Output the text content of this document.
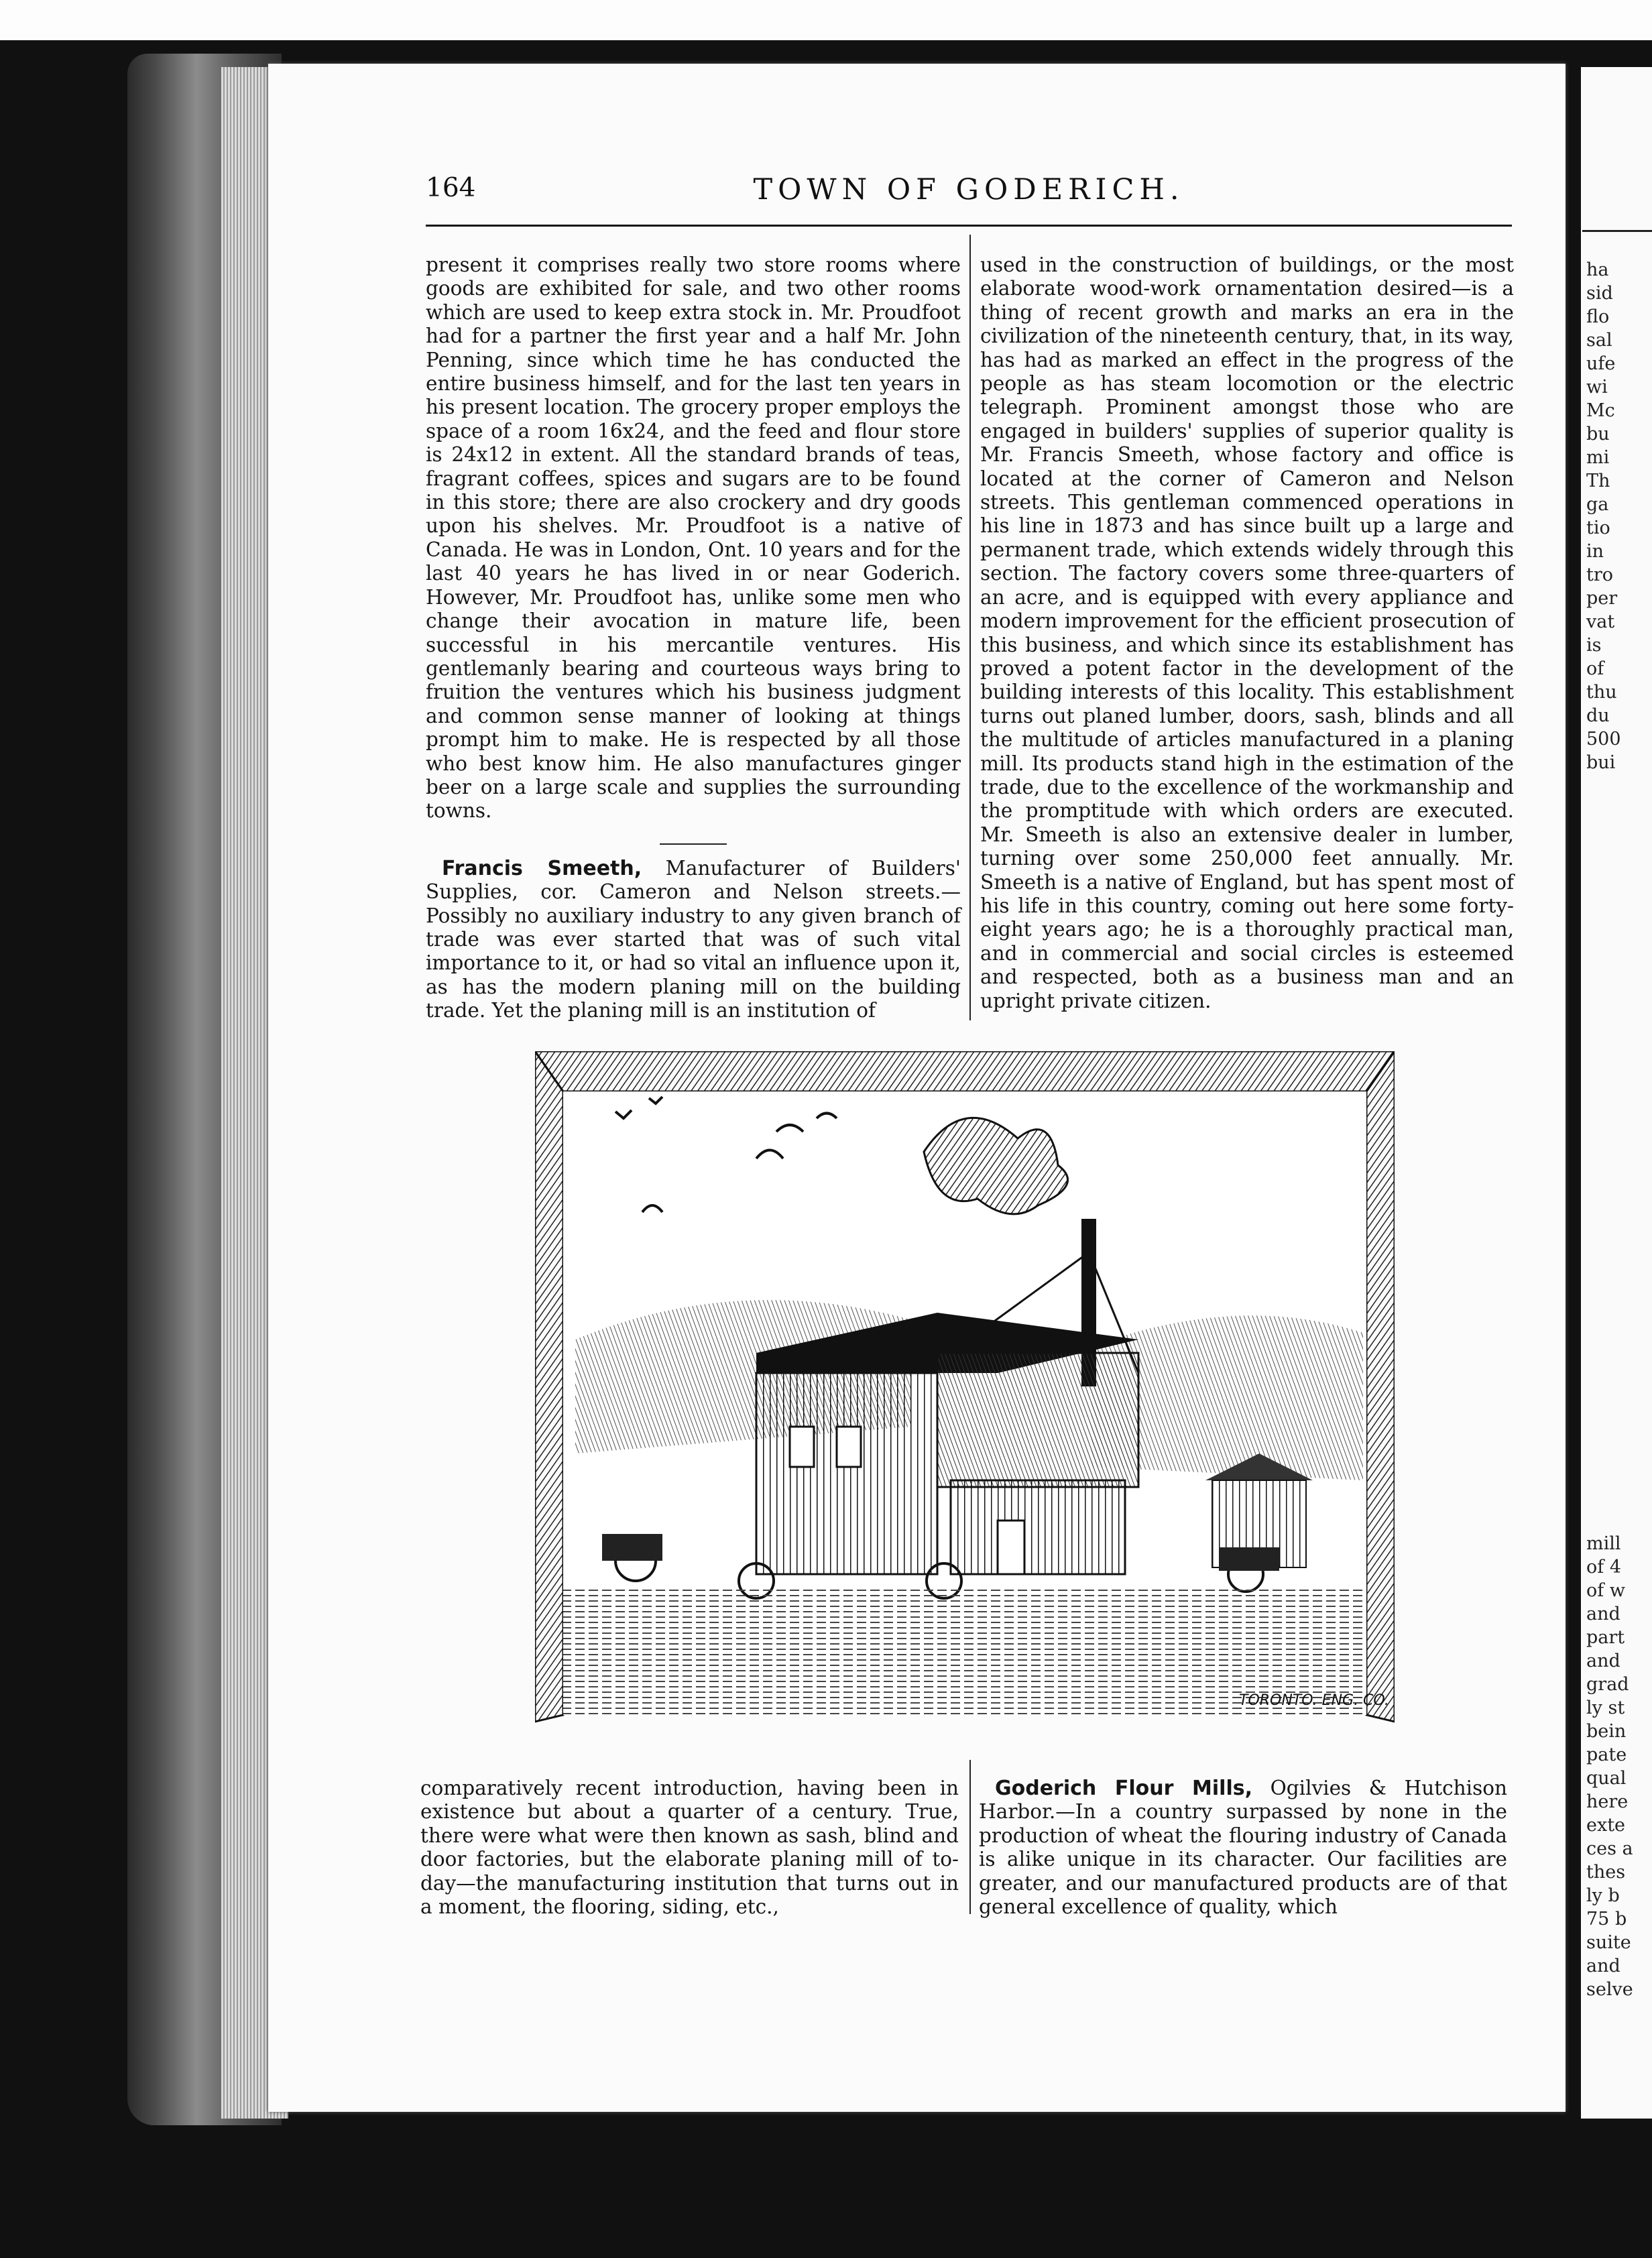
ha
sid
flo
sal
ufe
wi
Mc
bu
mi
Th
ga
tio
in
tro
per
vat
is
of
thu
du
500
bui
mill
of 4
of w
and
part
and
grad
ly st
bein
pate
qual
here
exte
ces a
thes
ly b
75 b
suite
and
selve
164	TOWN OF GODERICH.

present it comprises really two store rooms where goods are exhibited for sale, and two other rooms which are used to keep extra stock in. Mr. Proudfoot had for a partner the first year and a half Mr. John Penning, since which time he has conducted the entire business himself, and for the last ten years in his present location. The grocery proper employs the space of a room 16x24, and the feed and flour store is 24x12 in extent. All the standard brands of teas, fragrant coffees, spices and sugars are to be found in this store; there are also crockery and dry goods upon his shelves. Mr. Proudfoot is a native of Canada. He was in London, Ont. 10 years and for the last 40 years he has lived in or near Goderich. However, Mr. Proudfoot has, unlike some men who change their avocation in mature life, been successful in his mercantile ventures. His gentlemanly bearing and courteous ways bring to fruition the ventures which his business judgment and common sense manner of looking at things prompt him to make. He is respected by all those who best know him. He also manufactures ginger beer on a large scale and supplies the surrounding towns.

Francis Smeeth, Manufacturer of Builders' Supplies, cor. Cameron and Nelson streets.—Possibly no auxiliary industry to any given branch of trade was ever started that was of such vital importance to it, or had so vital an influence upon it, as has the modern planing mill on the building trade. Yet the planing mill is an institution of

used in the construction of buildings, or the most elaborate wood-work ornamentation desired—is a thing of recent growth and marks an era in the civilization of the nineteenth century, that, in its way, has had as marked an effect in the progress of the people as has steam locomotion or the electric telegraph. Prominent amongst those who are engaged in builders' supplies of superior quality is Mr. Francis Smeeth, whose factory and office is located at the corner of Cameron and Nelson streets. This gentleman commenced operations in his line in 1873 and has since built up a large and permanent trade, which extends widely through this section. The factory covers some three-quarters of an acre, and is equipped with every appliance and modern improvement for the efficient prosecution of this business, and which since its establishment has proved a potent factor in the development of the building interests of this locality. This establishment turns out planed lumber, doors, sash, blinds and all the multitude of articles manufactured in a planing mill. Its products stand high in the estimation of the trade, due to the excellence of the workmanship and the promptitude with which orders are executed. Mr. Smeeth is also an extensive dealer in lumber, turning over some 250,000 feet annually. Mr. Smeeth is a native of England, but has spent most of his life in this country, coming out here some forty-eight years ago; he is a thoroughly practical man, and in commercial and social circles is esteemed and respected, both as a business man and an upright private citizen.

TORONTO. ENG. CO.

comparatively recent introduction, having been in existence but about a quarter of a century. True, there were what were then known as sash, blind and door factories, but the elaborate planing mill of to-day—the manufacturing institution that turns out in a moment, the flooring, siding, etc.,

Goderich Flour Mills, Ogilvies & Hutchison Harbor.—In a country surpassed by none in the production of wheat the flouring industry of Canada is alike unique in its character. Our facilities are greater, and our manufactured products are of that general excellence of quality, which
